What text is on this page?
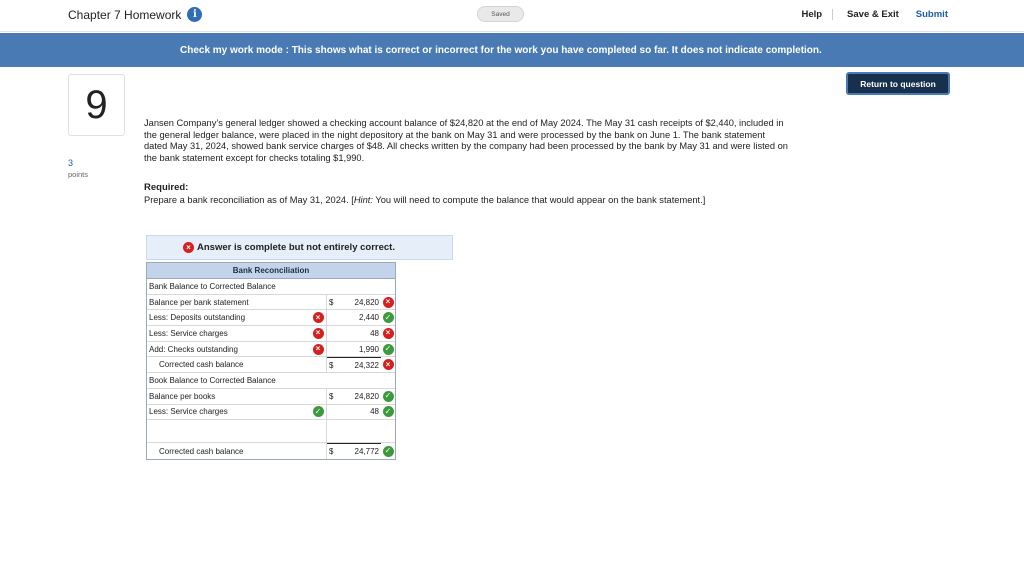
Chapter 7 Homework	i	Saved	Help	Save & Exit Submit
Check my work mode : This shows what is correct or incorrect for the work you have completed so far. It does not indicate completion.
Return to question
9
3
points
Jansen Company’s general ledger showed a checking account balance of $24,820 at the end of May 2024. The May 31 cash receipts of $2,440, included in the general ledger balance, were placed in the night depository at the bank on May 31 and were processed by the bank on June 1. The bank statement dated May 31, 2024, showed bank service charges of $48. All checks written by the company had been processed by the bank by May 31 and were listed on the bank statement except for checks totaling $1,990.
Required:
Prepare a bank reconciliation as of May 31, 2024. [Hint: You will need to compute the balance that would appear on the bank statement.]
× Answer is complete but not entirely correct.
Bank Reconciliation
Bank Balance to Corrected Balance
Balance per bank statement	$	24,820 ×
Less: Deposits outstanding	×	2,440 ✓
Less: Service charges	×	48 ×
Add: Checks outstanding	×	1,990 ✓
Corrected cash balance	$	24,322 ×
Book Balance to Corrected Balance
Balance per books	$	24,820 ✓
Less: Service charges	✓	48 ✓
Corrected cash balance	$	24,772 ✓
